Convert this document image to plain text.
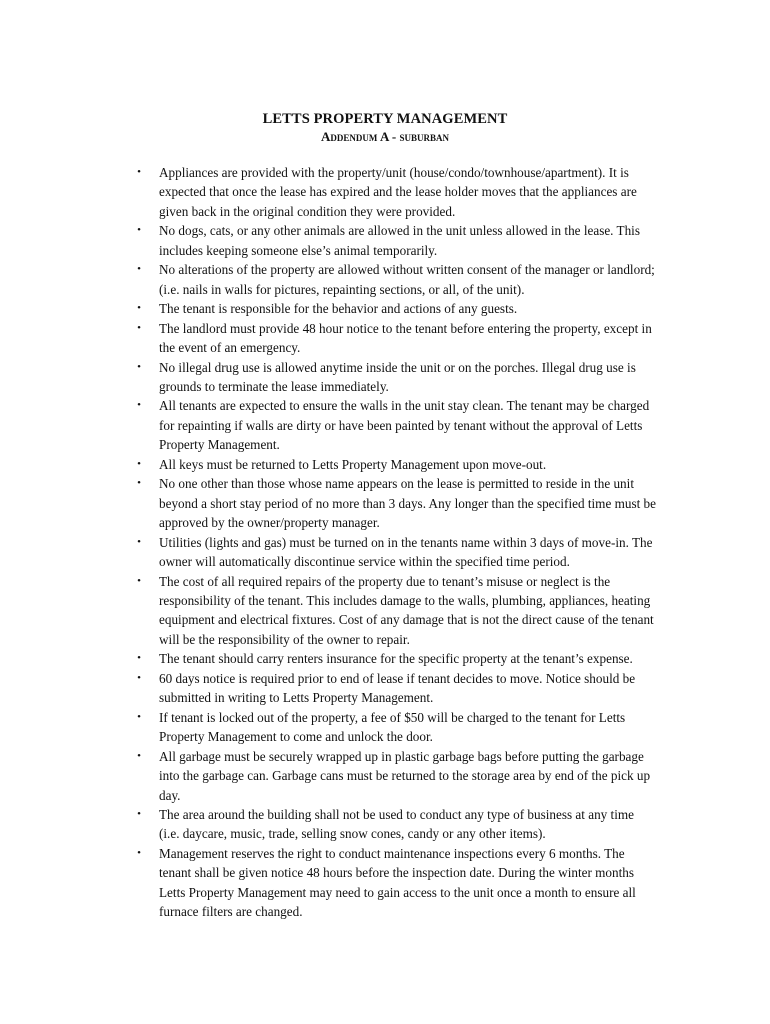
LETTS PROPERTY MANAGEMENT
Addendum A - suburban
• Appliances are provided with the property/unit (house/condo/townhouse/apartment). It is expected that once the lease has expired and the lease holder moves that the appliances are given back in the original condition they were provided.
• No dogs, cats, or any other animals are allowed in the unit unless allowed in the lease. This includes keeping someone else’s animal temporarily.
• No alterations of the property are allowed without written consent of the manager or landlord; (i.e. nails in walls for pictures, repainting sections, or all, of the unit).
• The tenant is responsible for the behavior and actions of any guests.
• The landlord must provide 48 hour notice to the tenant before entering the property, except in the event of an emergency.
• No illegal drug use is allowed anytime inside the unit or on the porches. Illegal drug use is grounds to terminate the lease immediately.
• All tenants are expected to ensure the walls in the unit stay clean. The tenant may be charged for repainting if walls are dirty or have been painted by tenant without the approval of Letts Property Management.
• All keys must be returned to Letts Property Management upon move-out.
• No one other than those whose name appears on the lease is permitted to reside in the unit beyond a short stay period of no more than 3 days. Any longer than the specified time must be approved by the owner/property manager.
• Utilities (lights and gas) must be turned on in the tenants name within 3 days of move-in. The owner will automatically discontinue service within the specified time period.
• The cost of all required repairs of the property due to tenant’s misuse or neglect is the responsibility of the tenant. This includes damage to the walls, plumbing, appliances, heating equipment and electrical fixtures. Cost of any damage that is not the direct cause of the tenant will be the responsibility of the owner to repair.
• The tenant should carry renters insurance for the specific property at the tenant’s expense.
• 60 days notice is required prior to end of lease if tenant decides to move. Notice should be submitted in writing to Letts Property Management.
• If tenant is locked out of the property, a fee of $50 will be charged to the tenant for Letts Property Management to come and unlock the door.
• All garbage must be securely wrapped up in plastic garbage bags before putting the garbage into the garbage can. Garbage cans must be returned to the storage area by end of the pick up day.
• The area around the building shall not be used to conduct any type of business at any time (i.e. daycare, music, trade, selling snow cones, candy or any other items).
• Management reserves the right to conduct maintenance inspections every 6 months. The tenant shall be given notice 48 hours before the inspection date. During the winter months Letts Property Management may need to gain access to the unit once a month to ensure all furnace filters are changed.
